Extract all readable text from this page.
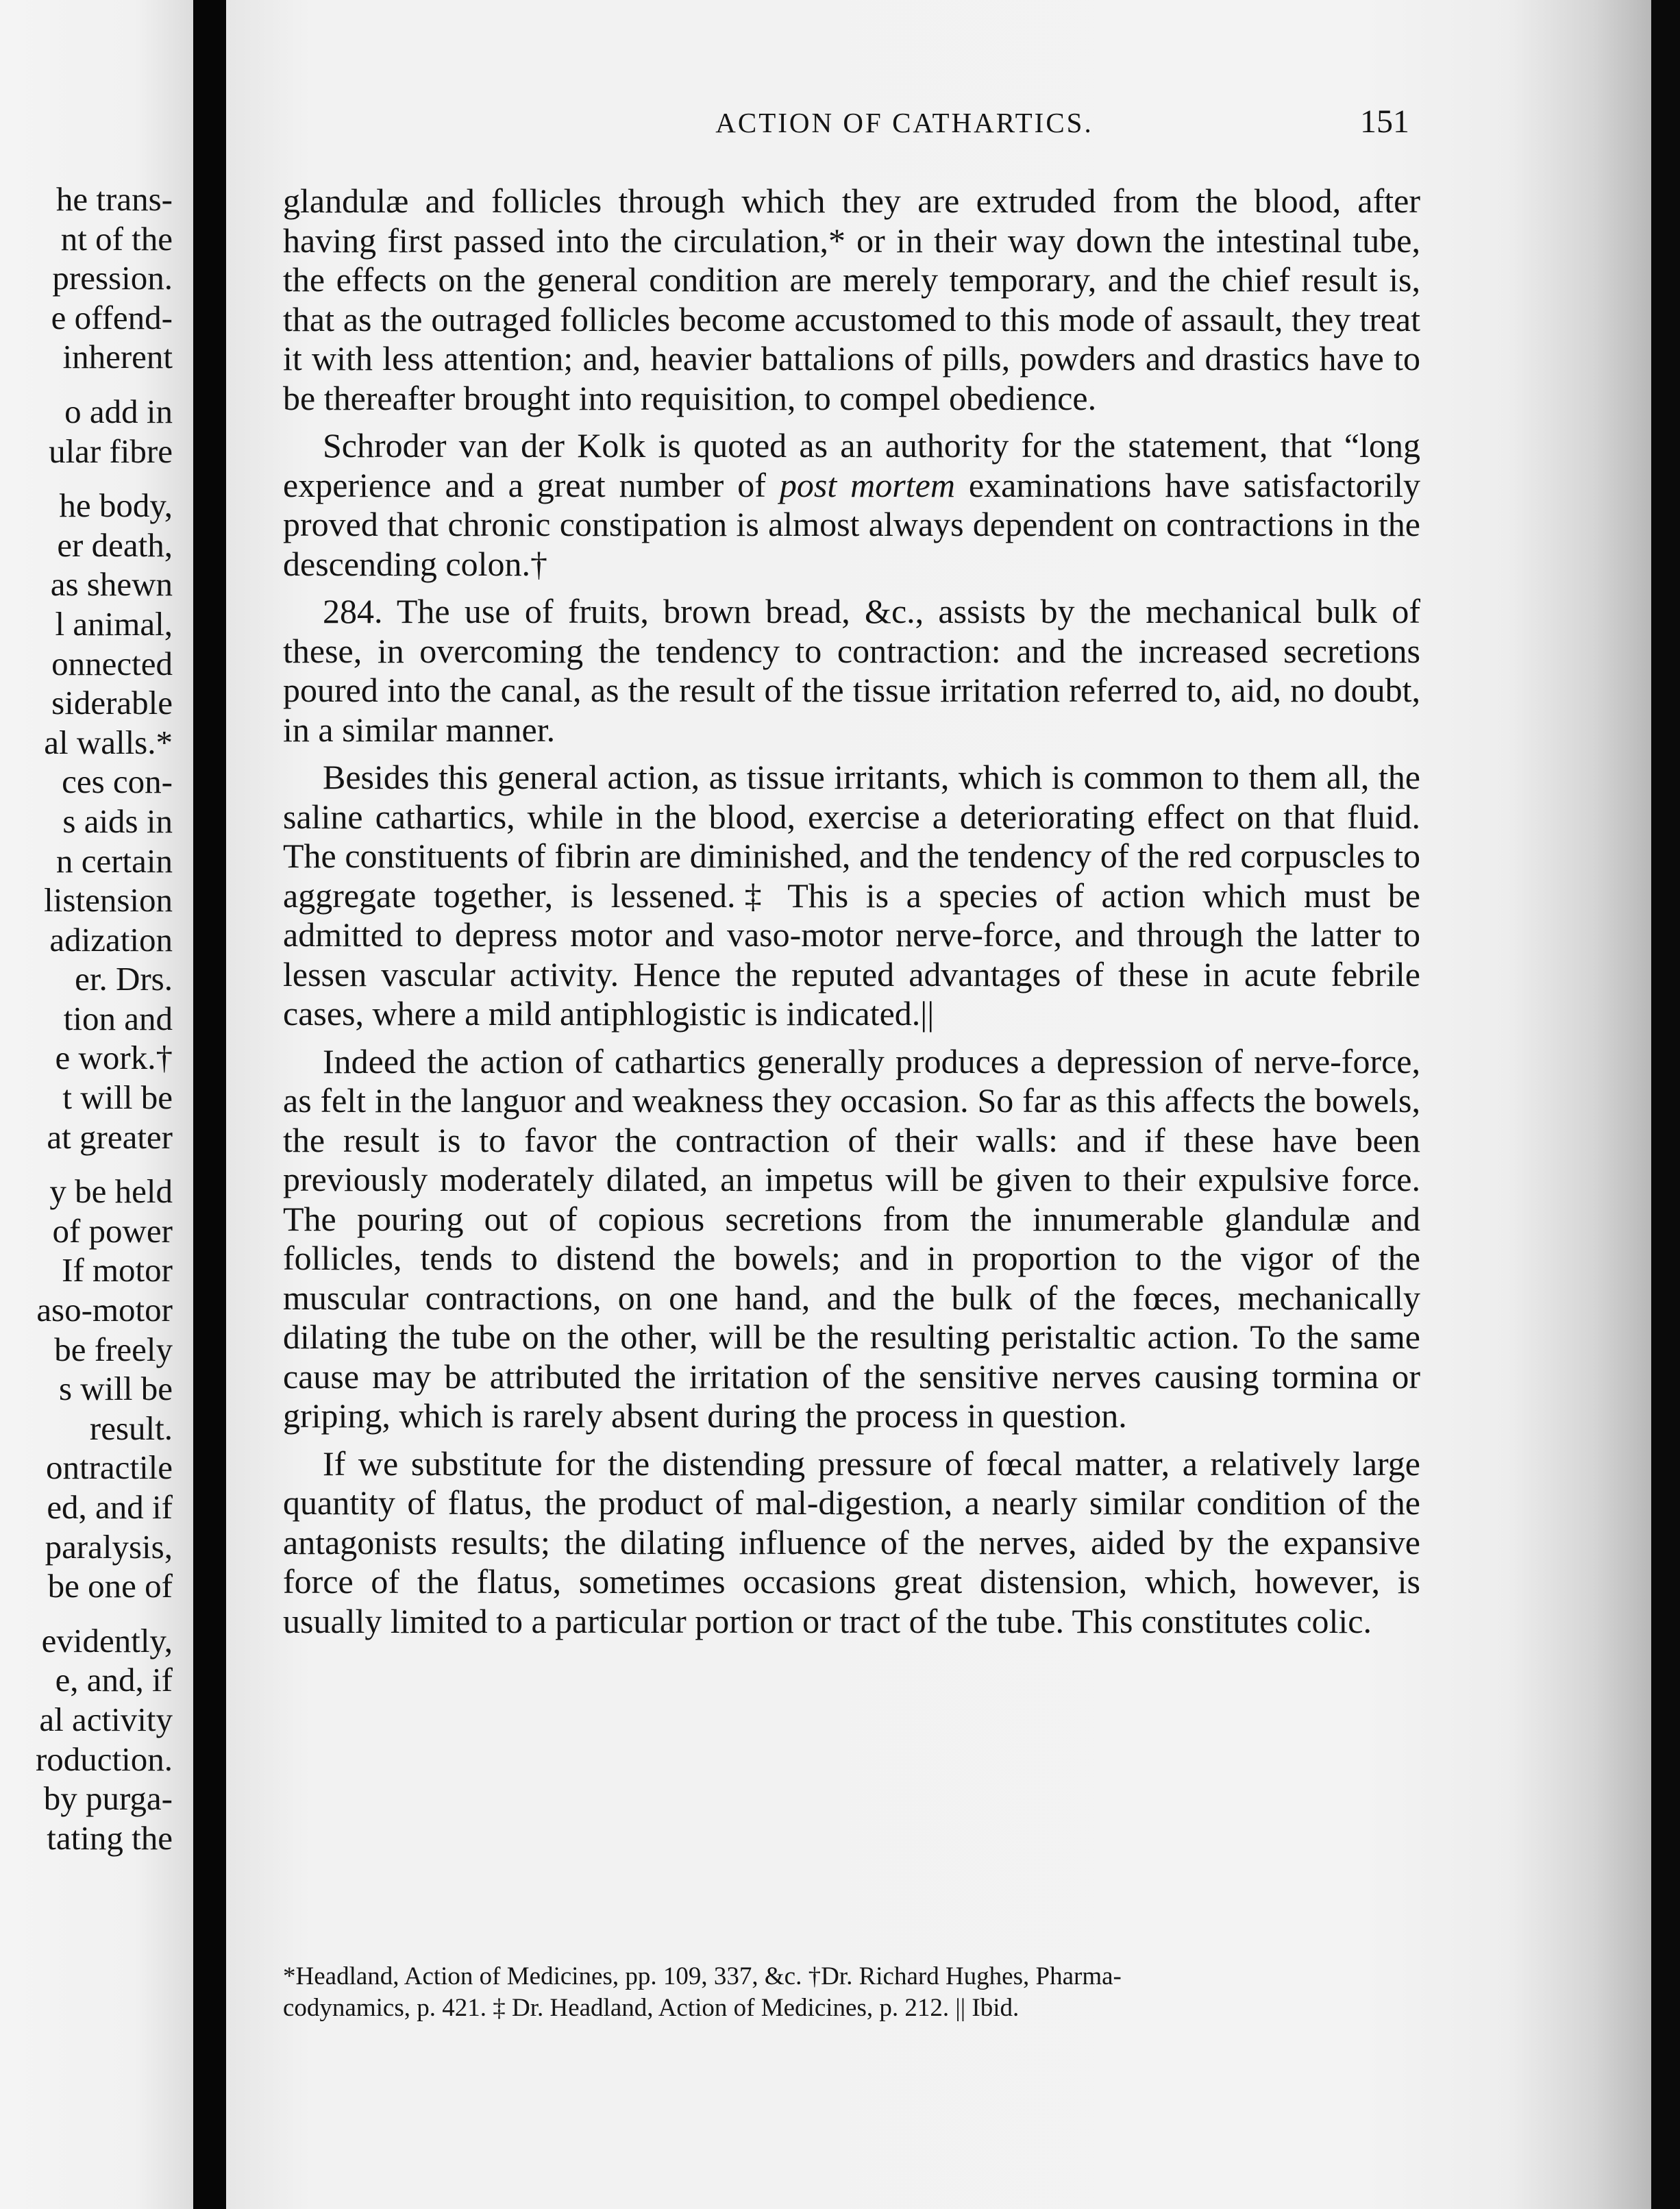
he trans-
nt of the
pression.
e offend-
inherent
o add in
ular fibre
he body,
er death,
as shewn
l animal,
onnected
siderable
al walls.*
ces con-
s aids in
n certain
listension
adization
er. Drs.
tion and
e work.†
t will be
at greater
y be held
of power
If motor
aso-motor
be freely
s will be
result.
ontractile
ed, and if
paralysis,
be one of
evidently,
e, and, if
al activity
roduction.
by purga-
tating the
ACTION OF CATHARTICS.	151

glandulæ and follicles through which they are extruded from the blood, after having first passed into the circulation,* or in their way down the intestinal tube, the effects on the general condition are merely temporary, and the chief result is, that as the outraged follicles become accustomed to this mode of assault, they treat it with less attention; and, heavier battalions of pills, powders and drastics have to be thereafter brought into requisition, to compel obedience.

Schroder van der Kolk is quoted as an authority for the statement, that “long experience and a great number of post mortem examinations have satisfactorily proved that chronic constipation is almost always dependent on contractions in the descending colon.†

284. The use of fruits, brown bread, &c., assists by the mechanical bulk of these, in overcoming the tendency to contraction: and the increased secretions poured into the canal, as the result of the tissue irritation referred to, aid, no doubt, in a similar manner.

Besides this general action, as tissue irritants, which is common to them all, the saline cathartics, while in the blood, exercise a deteriorating effect on that fluid. The constituents of fibrin are diminished, and the tendency of the red corpuscles to aggregate together, is lessened.‡ This is a species of action which must be admitted to depress motor and vaso-motor nerve-force, and through the latter to lessen vascular activity. Hence the reputed advantages of these in acute febrile cases, where a mild antiphlogistic is indicated.||

Indeed the action of cathartics generally produces a depression of nerve-force, as felt in the languor and weakness they occasion. So far as this affects the bowels, the result is to favor the contraction of their walls: and if these have been previously moderately dilated, an impetus will be given to their expulsive force. The pouring out of copious secretions from the innumerable glandulæ and follicles, tends to distend the bowels; and in proportion to the vigor of the muscular contractions, on one hand, and the bulk of the fœces, mechanically dilating the tube on the other, will be the resulting peristaltic action. To the same cause may be attributed the irritation of the sensitive nerves causing tormina or griping, which is rarely absent during the process in question.

If we substitute for the distending pressure of fœcal matter, a relatively large quantity of flatus, the product of mal-digestion, a nearly similar condition of the antagonists results; the dilating influence of the nerves, aided by the expansive force of the flatus, sometimes occasions great distension, which, however, is usually limited to a particular portion or tract of the tube. This constitutes colic.

*Headland, Action of Medicines, pp. 109, 337, &c. †Dr. Richard Hughes, Pharma-
codynamics, p. 421. ‡ Dr. Headland, Action of Medicines, p. 212. || Ibid.
